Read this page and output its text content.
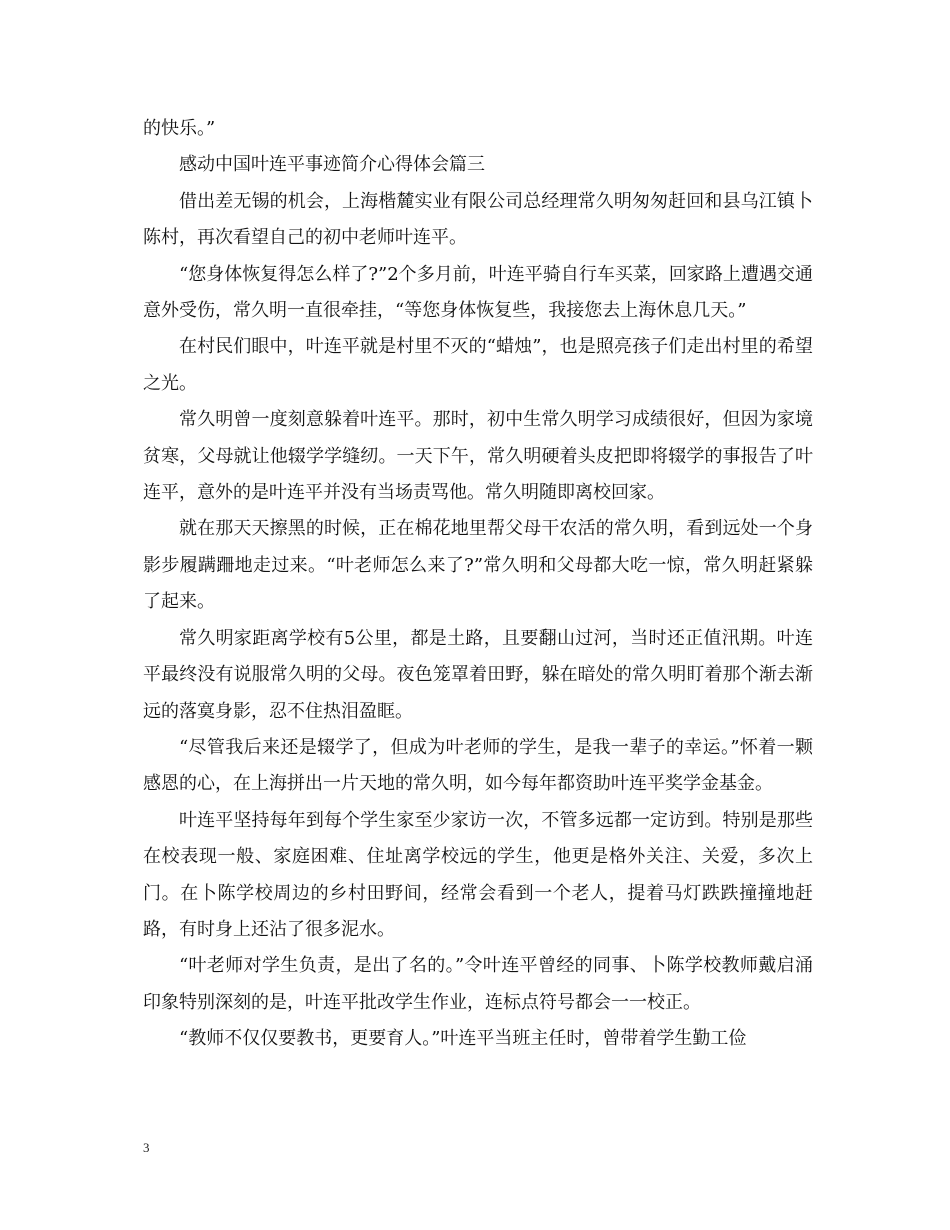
的快乐。”

感动中国叶连平事迹简介心得体会篇三

借出差无锡的机会，上海楷麓实业有限公司总经理常久明匆匆赶回和县乌江镇卜陈村，再次看望自己的初中老师叶连平。

“您身体恢复得怎么样了?”2个多月前，叶连平骑自行车买菜，回家路上遭遇交通意外受伤，常久明一直很牵挂，“等您身体恢复些，我接您去上海休息几天。”

在村民们眼中，叶连平就是村里不灭的“蜡烛”，也是照亮孩子们走出村里的希望之光。

常久明曾一度刻意躲着叶连平。那时，初中生常久明学习成绩很好，但因为家境贫寒，父母就让他辍学学缝纫。一天下午，常久明硬着头皮把即将辍学的事报告了叶连平，意外的是叶连平并没有当场责骂他。常久明随即离校回家。

就在那天天擦黑的时候，正在棉花地里帮父母干农活的常久明，看到远处一个身影步履蹒跚地走过来。“叶老师怎么来了?”常久明和父母都大吃一惊，常久明赶紧躲了起来。

常久明家距离学校有5公里，都是土路，且要翻山过河，当时还正值汛期。叶连平最终没有说服常久明的父母。夜色笼罩着田野，躲在暗处的常久明盯着那个渐去渐远的落寞身影，忍不住热泪盈眶。

“尽管我后来还是辍学了，但成为叶老师的学生，是我一辈子的幸运。”怀着一颗感恩的心，在上海拼出一片天地的常久明，如今每年都资助叶连平奖学金基金。

叶连平坚持每年到每个学生家至少家访一次，不管多远都一定访到。特别是那些在校表现一般、家庭困难、住址离学校远的学生，他更是格外关注、关爱，多次上门。在卜陈学校周边的乡村田野间，经常会看到一个老人，提着马灯跌跌撞撞地赶路，有时身上还沾了很多泥水。

“叶老师对学生负责，是出了名的。”令叶连平曾经的同事、卜陈学校教师戴启涌印象特别深刻的是，叶连平批改学生作业，连标点符号都会一一校正。

“教师不仅仅要教书，更要育人。”叶连平当班主任时，曾带着学生勤工俭

3
